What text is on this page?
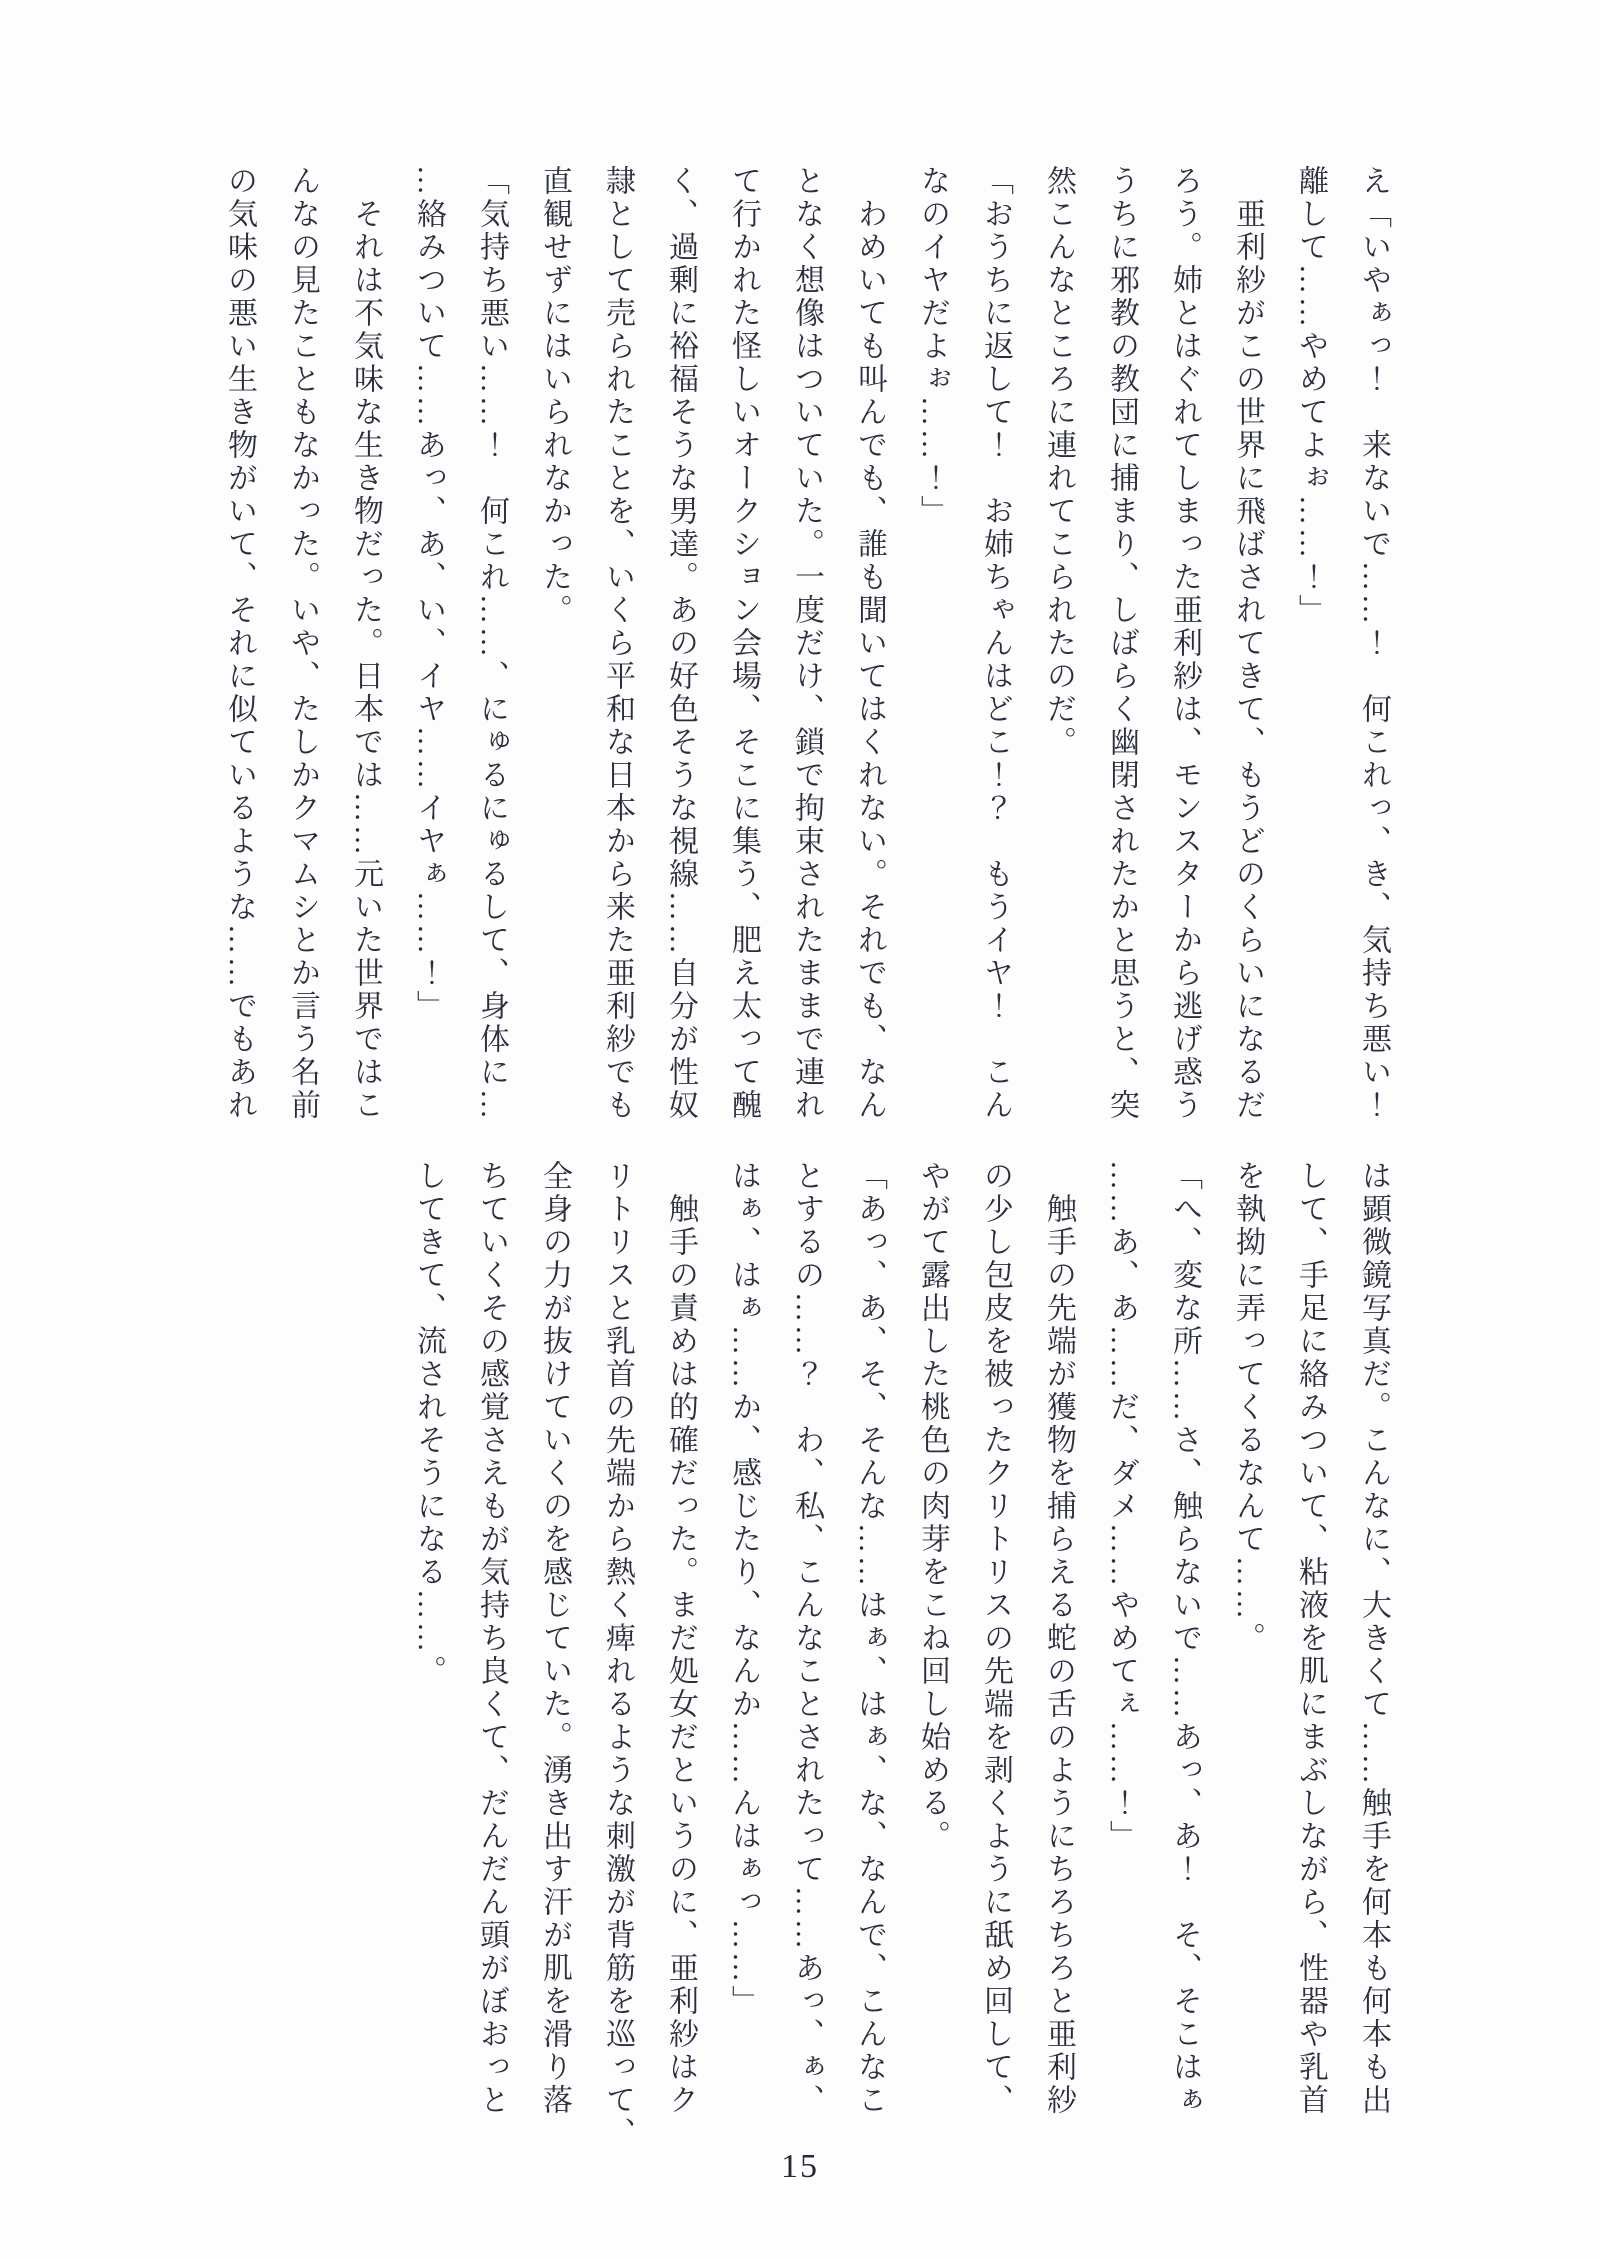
え「いやぁっ！　来ないで……！　何これっ、き、気持ち悪い！
離して……やめてよぉ……！」
　亜利紗がこの世界に飛ばされてきて、もうどのくらいになるだ
ろう。姉とはぐれてしまった亜利紗は、モンスターから逃げ惑う
うちに邪教の教団に捕まり、しばらく幽閉されたかと思うと、突
然こんなところに連れてこられたのだ。
「おうちに返して！　お姉ちゃんはどこ！？　もうイヤ！　こん
なのイヤだよぉ……！」
　わめいても叫んでも、誰も聞いてはくれない。それでも、なん
となく想像はついていた。一度だけ、鎖で拘束されたままで連れ
て行かれた怪しいオークション会場、そこに集う、肥え太って醜
く、過剰に裕福そうな男達。あの好色そうな視線……自分が性奴
隷として売られたことを、いくら平和な日本から来た亜利紗でも
直観せずにはいられなかった。
「気持ち悪い……！　何これ……、にゅるにゅるして、身体に…
…絡みついて……あっ、あ、い、イヤ……イヤぁ……！」
　それは不気味な生き物だった。日本では……元いた世界ではこ
んなの見たこともなかった。いや、たしかクマムシとか言う名前
の気味の悪い生き物がいて、それに似ているような……でもあれ
は顕微鏡写真だ。こんなに、大きくて……触手を何本も何本も出
して、手足に絡みついて、粘液を肌にまぶしながら、性器や乳首
を執拗に弄ってくるなんて……。
「へ、変な所……さ、触らないで……あっ、あ！　そ、そこはぁ
……あ、あ……だ、ダメ……やめてぇ……！」
　触手の先端が獲物を捕らえる蛇の舌のようにちろちろと亜利紗
の少し包皮を被ったクリトリスの先端を剥くように舐め回して、
やがて露出した桃色の肉芽をこね回し始める。
「あっ、あ、そ、そんな……はぁ、はぁ、な、なんで、こんなこ
とするの……？　わ、私、こんなことされたって……あっ、ぁ、
はぁ、はぁ……か、感じたり、なんか……んはぁっ……」
　触手の責めは的確だった。まだ処女だというのに、亜利紗はク
リトリスと乳首の先端から熱く痺れるような刺激が背筋を巡って、
全身の力が抜けていくのを感じていた。湧き出す汗が肌を滑り落
ちていくその感覚さえもが気持ち良くて、だんだん頭がぼおっと
してきて、流されそうになる……。
15
